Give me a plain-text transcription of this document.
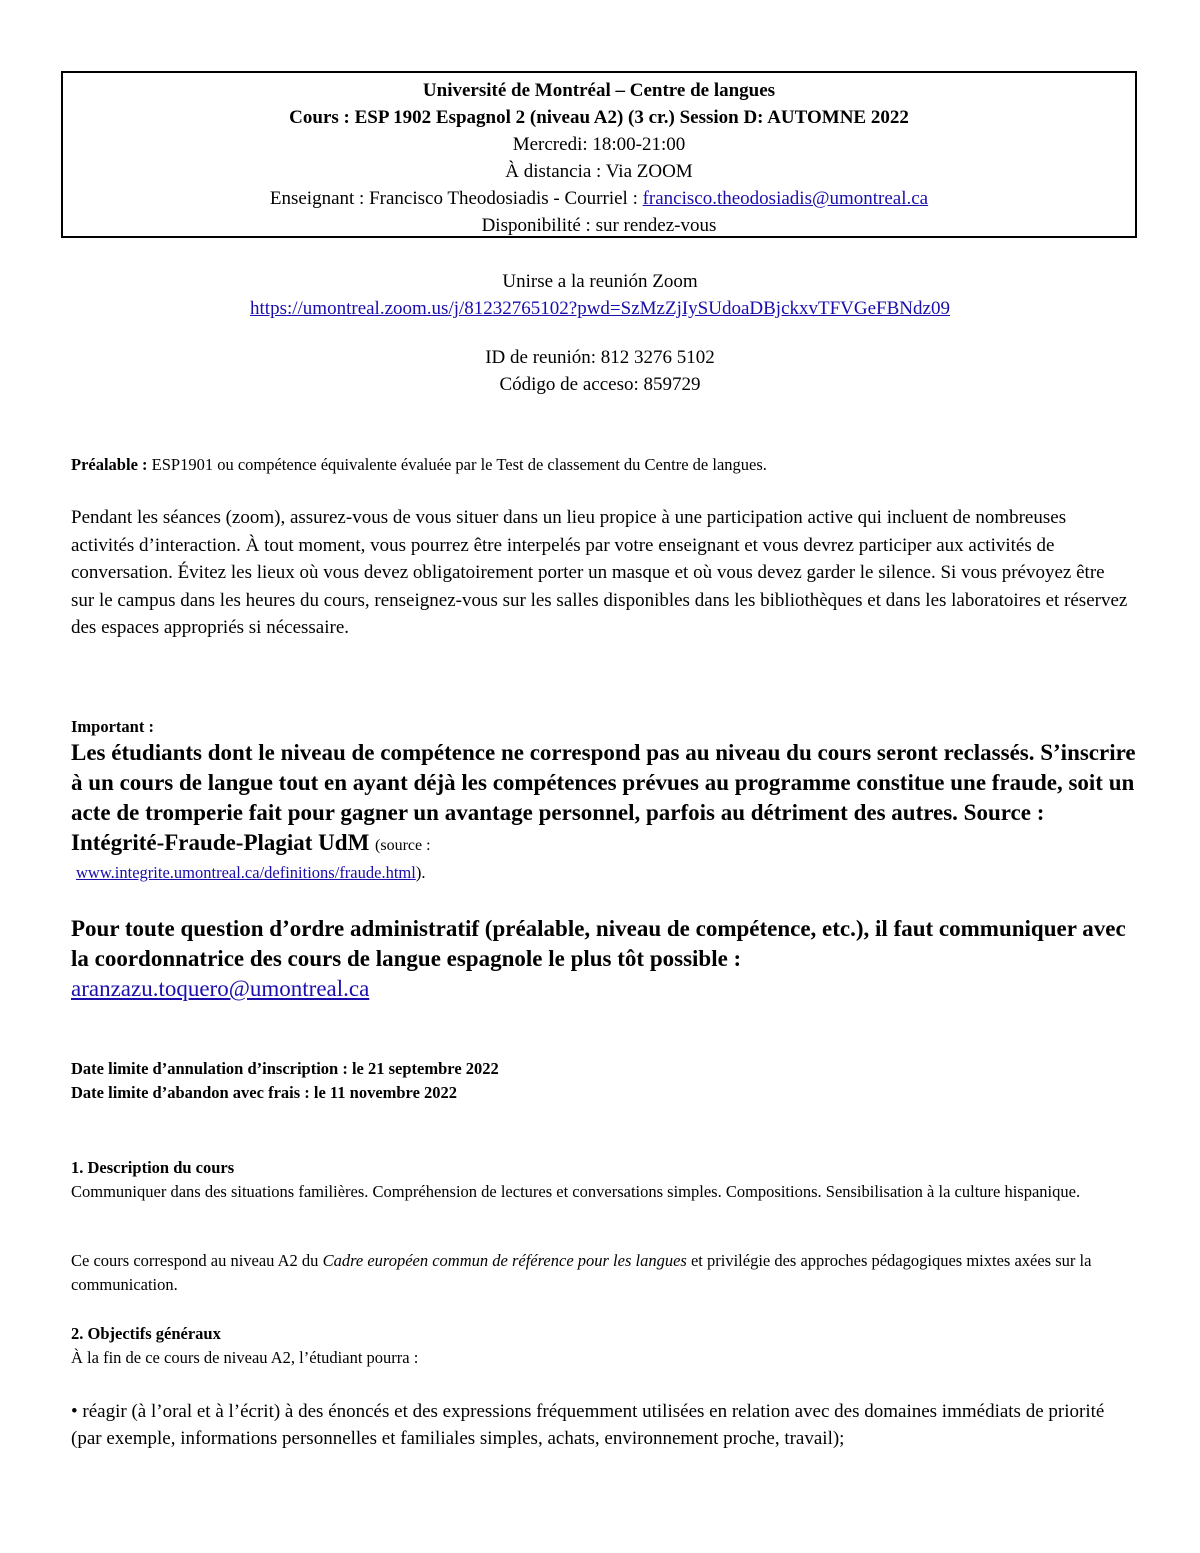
Université de Montréal – Centre de langues
Cours : ESP 1902 Espagnol 2 (niveau A2) (3 cr.) Session D: AUTOMNE 2022
Mercredi: 18:00-21:00
À distancia : Via ZOOM
Enseignant : Francisco Theodosiadis - Courriel : francisco.theodosiadis@umontreal.ca
Disponibilité : sur rendez-vous
Unirse a la reunión Zoom
https://umontreal.zoom.us/j/81232765102?pwd=SzMzZjIySUdoaDBjckxvTFVGeFBNdz09
ID de reunión: 812 3276 5102
Código de acceso: 859729
Préalable : ESP1901 ou compétence équivalente évaluée par le Test de classement du Centre de langues.
Pendant les séances (zoom), assurez-vous de vous situer dans un lieu propice à une participation active qui incluent de nombreuses activités d’interaction. À tout moment, vous pourrez être interpelés par votre enseignant et vous devrez participer aux activités de conversation. Évitez les lieux où vous devez obligatoirement porter un masque et où vous devez garder le silence. Si vous prévoyez être sur le campus dans les heures du cours, renseignez-vous sur les salles disponibles dans les bibliothèques et dans les laboratoires et réservez des espaces appropriés si nécessaire.
Important :
Les étudiants dont le niveau de compétence ne correspond pas au niveau du cours seront reclassés. S’inscrire à un cours de langue tout en ayant déjà les compétences prévues au programme constitue une fraude, soit un acte de tromperie fait pour gagner un avantage personnel, parfois au détriment des autres. Source : Intégrité-Fraude-Plagiat UdM (source :
www.integrite.umontreal.ca/definitions/fraude.html).
Pour toute question d’ordre administratif (préalable, niveau de compétence, etc.), il faut communiquer avec la coordonnatrice des cours de langue espagnole le plus tôt possible :
aranzazu.toquero@umontreal.ca
Date limite d’annulation d’inscription : le 21 septembre 2022
Date limite d’abandon avec frais : le 11 novembre 2022
1. Description du cours
Communiquer dans des situations familières. Compréhension de lectures et conversations simples. Compositions. Sensibilisation à la culture hispanique.
Ce cours correspond au niveau A2 du Cadre européen commun de référence pour les langues et privilégie des approches pédagogiques mixtes axées sur la communication.
2. Objectifs généraux
À la fin de ce cours de niveau A2, l’étudiant pourra :
• réagir (à l’oral et à l’écrit) à des énoncés et des expressions fréquemment utilisées en relation avec des domaines immédiats de priorité (par exemple, informations personnelles et familiales simples, achats, environnement proche, travail);
